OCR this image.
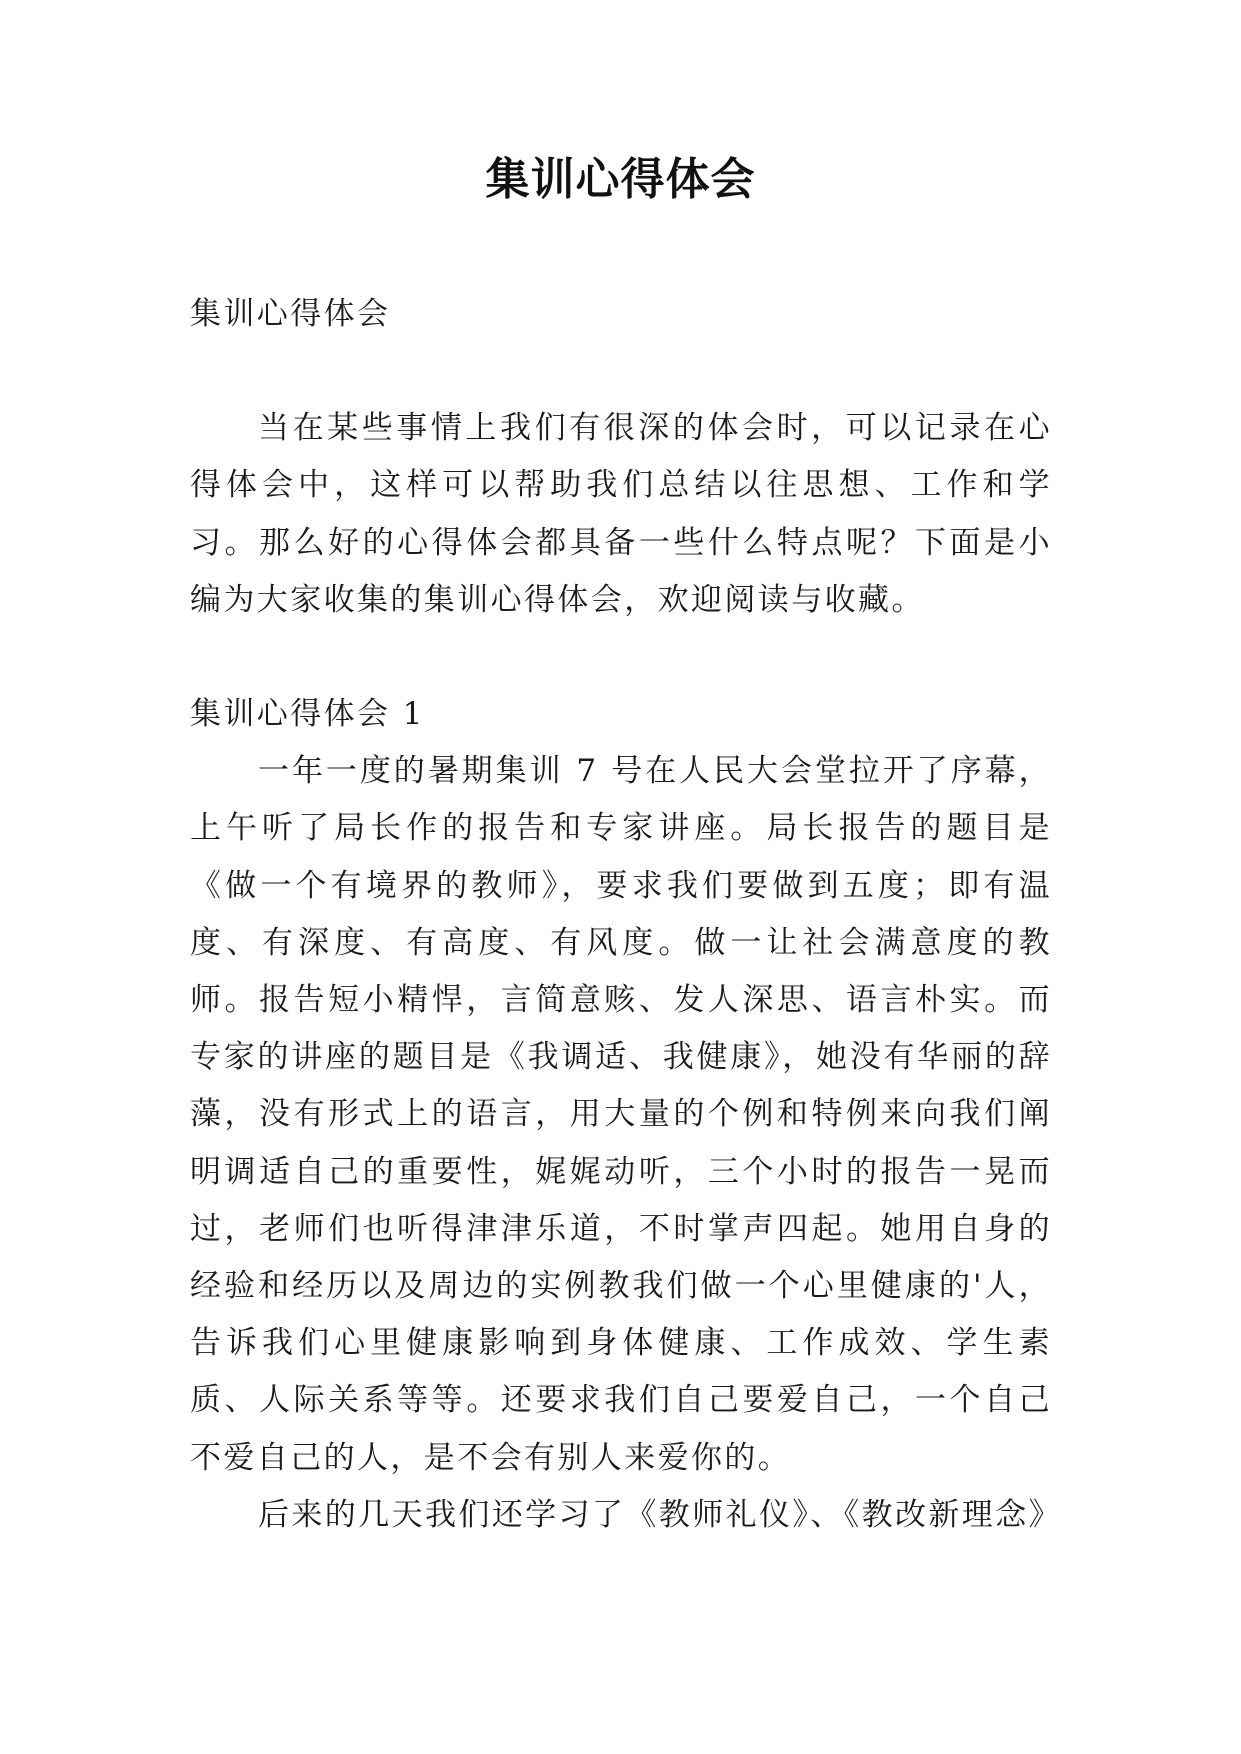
集训心得体会

集训心得体会

当在某些事情上我们有很深的体会时，可以记录在心得体会中，这样可以帮助我们总结以往思想、工作和学习。那么好的心得体会都具备一些什么特点呢？下面是小编为大家收集的集训心得体会，欢迎阅读与收藏。

集训心得体会 1

一年一度的暑期集训 7 号在人民大会堂拉开了序幕，上午听了局长作的报告和专家讲座。局长报告的题目是《做一个有境界的教师》，要求我们要做到五度；即有温度、有深度、有高度、有风度。做一让社会满意度的教师。报告短小精悍，言简意赅、发人深思、语言朴实。而专家的讲座的题目是《我调适、我健康》，她没有华丽的辞藻，没有形式上的语言，用大量的个例和特例来向我们阐明调适自己的重要性，娓娓动听，三个小时的报告一晃而过，老师们也听得津津乐道，不时掌声四起。她用自身的经验和经历以及周边的实例教我们做一个心里健康的'人，告诉我们心里健康影响到身体健康、工作成效、学生素质、人际关系等等。还要求我们自己要爱自己，一个自己不爱自己的人，是不会有别人来爱你的。

后来的几天我们还学习了《教师礼仪》、《教改新理念》
